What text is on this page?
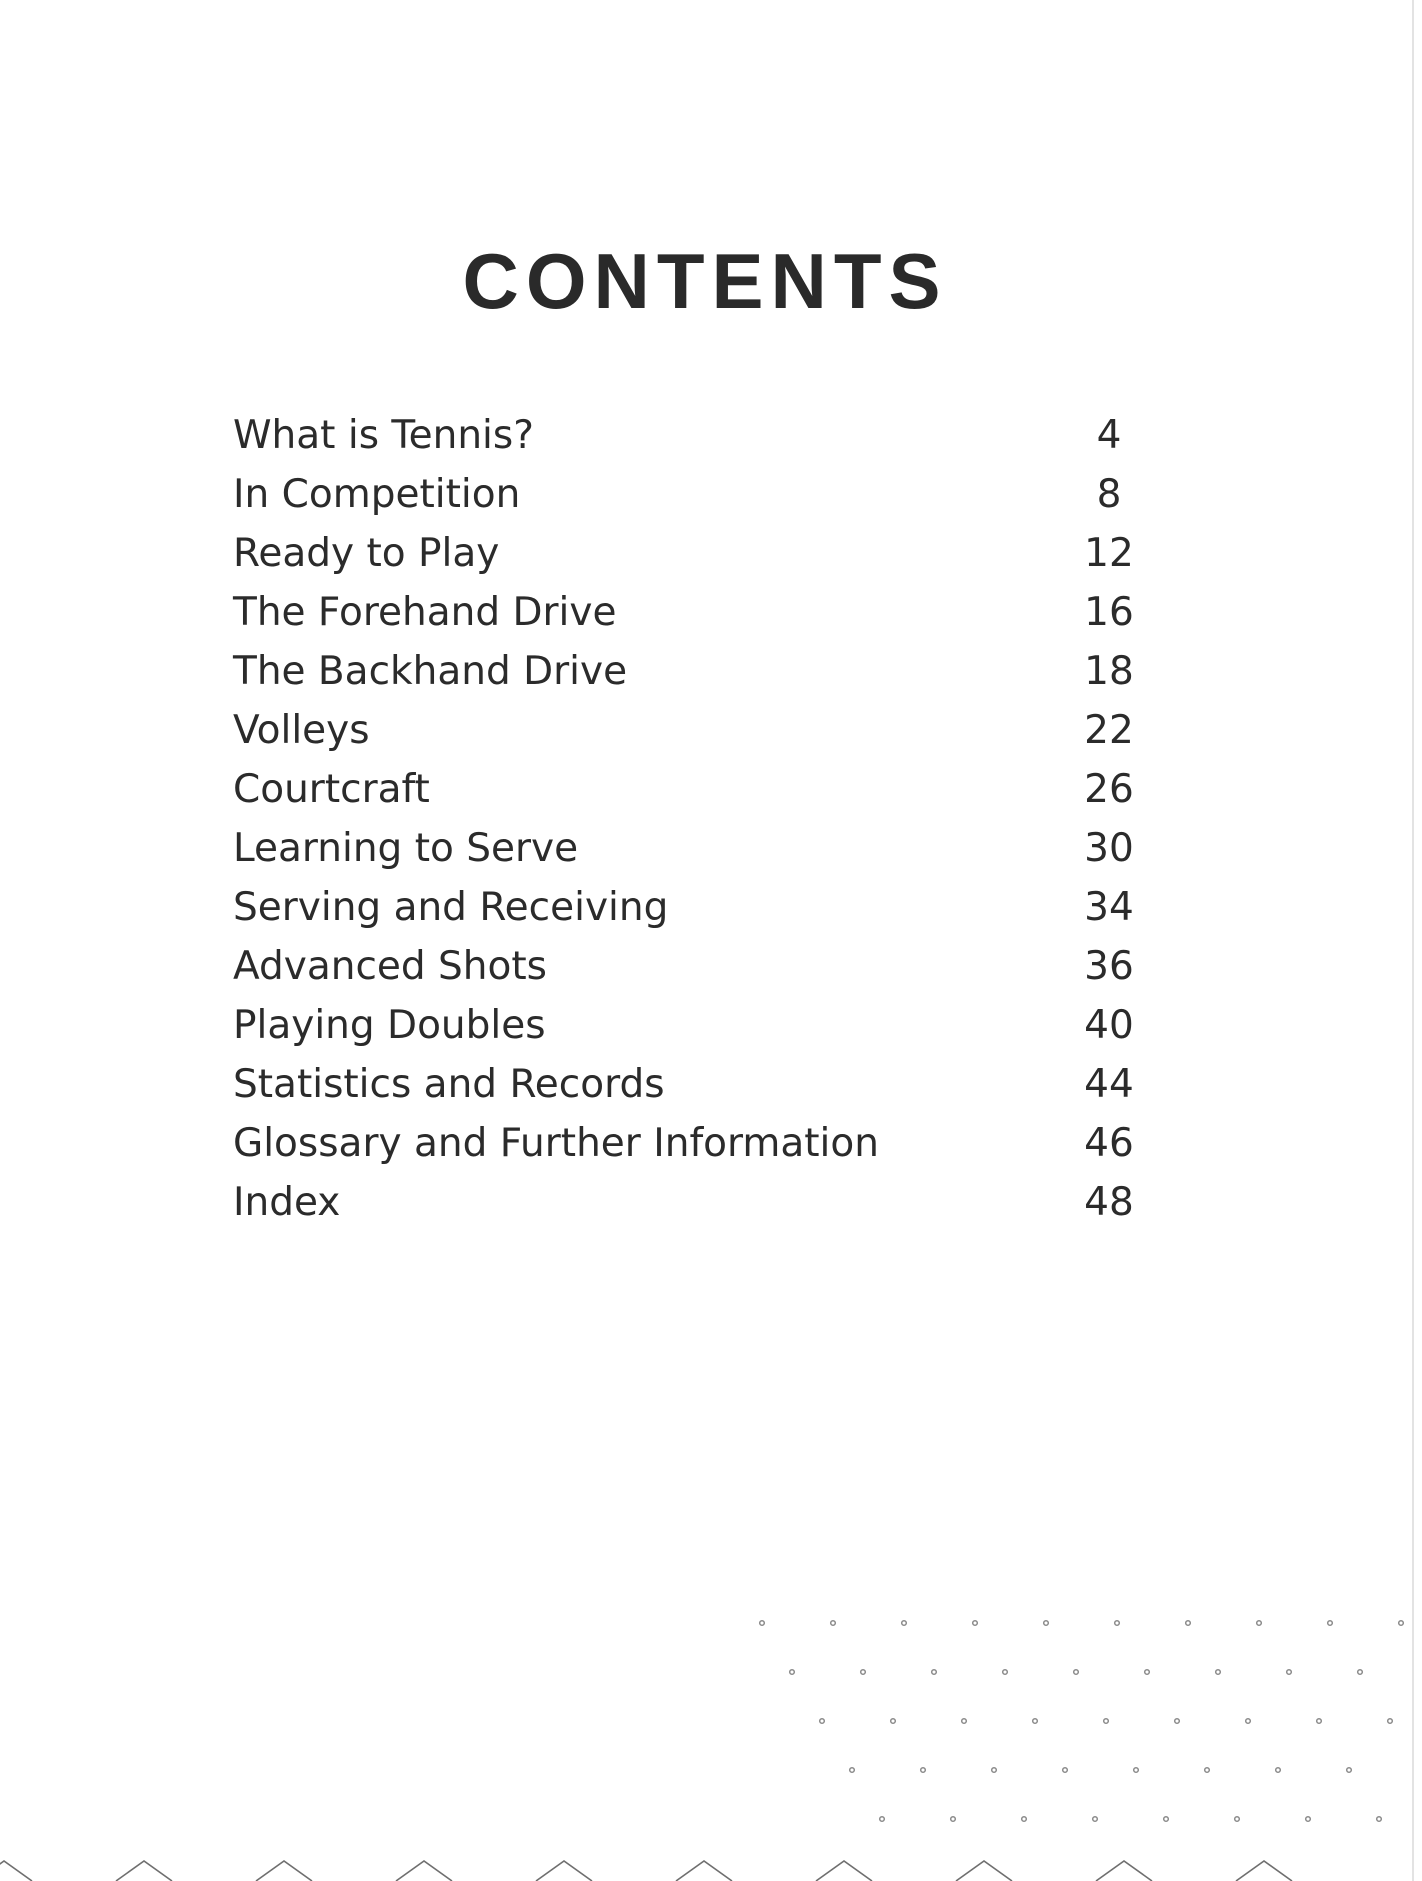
CONTENTS
What is Tennis?	4
In Competition	8
Ready to Play	12
The Forehand Drive	16
The Backhand Drive	18
Volleys	22
Courtcraft	26
Learning to Serve	30
Serving and Receiving	34
Advanced Shots	36
Playing Doubles	40
Statistics and Records	44
Glossary and Further Information	46
Index	48
